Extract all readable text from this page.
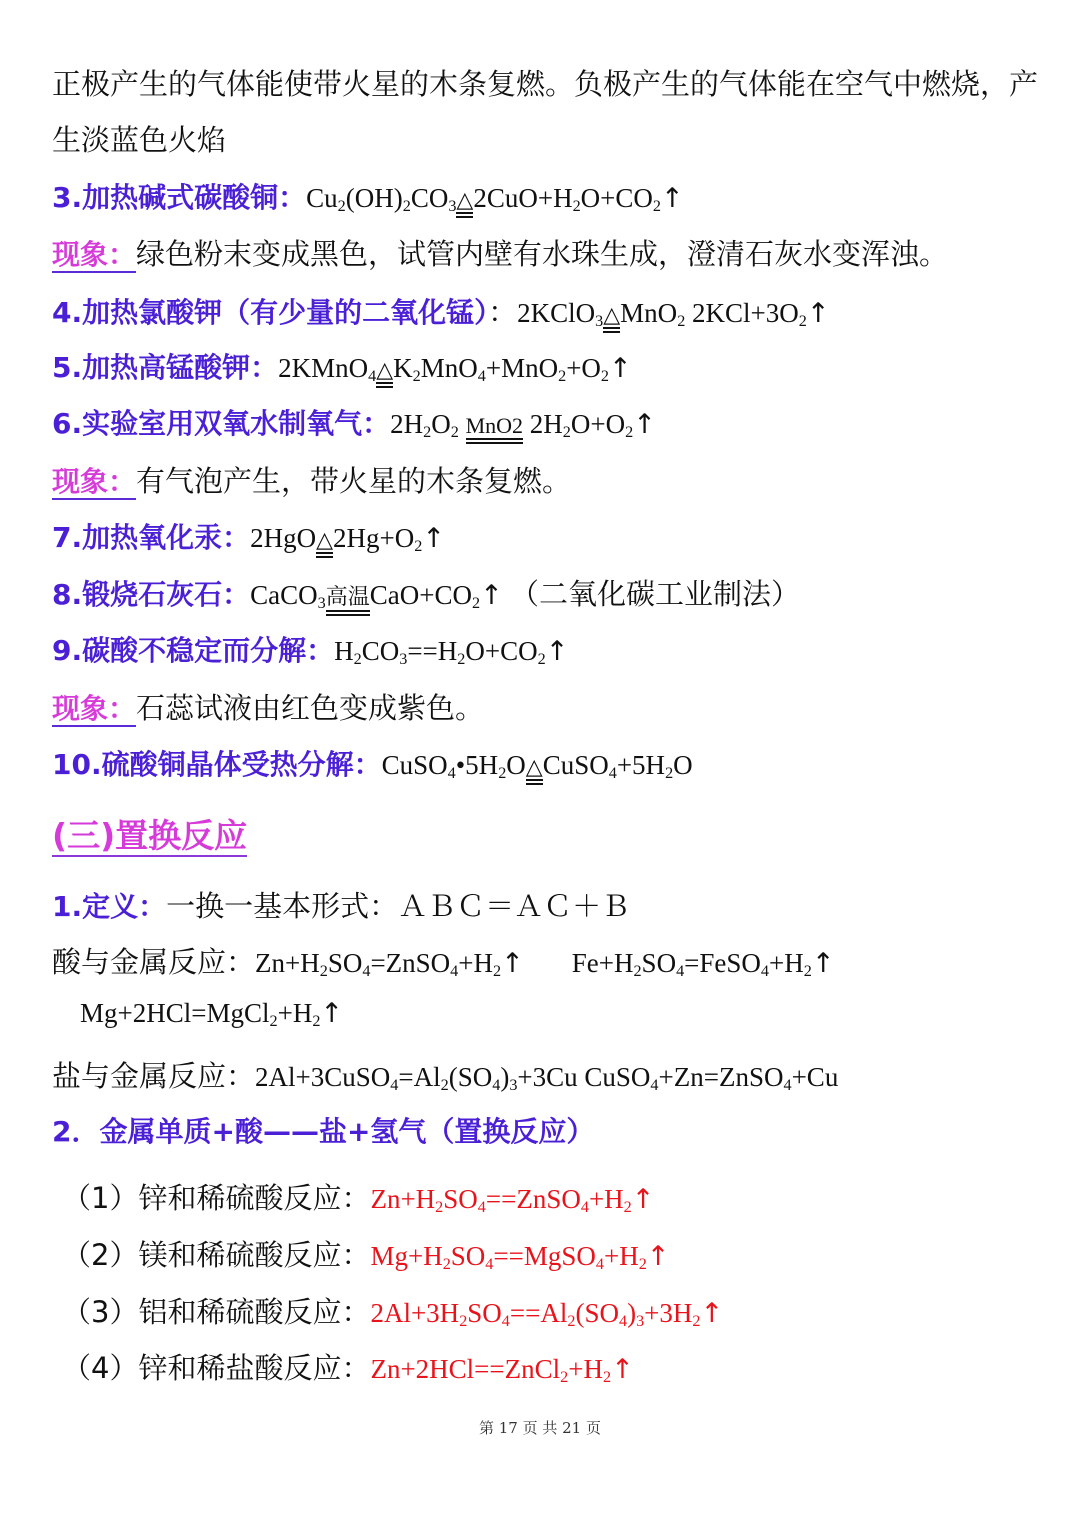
正极产生的气体能使带火星的木条复燃。负极产生的气体能在空气中燃烧，产
生淡蓝色火焰
3.加热碱式碳酸铜：$Cu_2(OH)_2CO_3$ △ $2CuO+H_2O+CO_2↑$
现象：绿色粉末变成黑色，试管内壁有水珠生成，澄清石灰水变浑浊。
4.加热氯酸钾（有少量的二氧化锰）：2KClO$_3$ △ MnO$_2$ $2KCl+3O_2↑$
5.加热高锰酸钾：2KMnO$_4$ △ $K_2MnO_4+MnO_2+O_2↑$
6.实验室用双氧水制氧气：$2H_2O_2$ MnO2 $2H_2O+O_2↑$
现象：有气泡产生，带火星的木条复燃。
7.加热氧化汞：2HgO △ $2Hg+O_2↑$
8.锻烧石灰石：CaCO$_3$ 高温 $CaO+CO_2↑$ （二氧化碳工业制法）
9.碳酸不稳定而分解：$H_2CO_3==H_2O+CO_2↑$
现象：石蕊试液由红色变成紫色。
10.硫酸铜晶体受热分解：$CuSO_4•5H_2O$ △ $CuSO_4+5H_2O$
(三)置换反应
1.定义：一换一基本形式：ＡＢＣ＝ＡＣ＋Ｂ
酸与金属反应：$Zn+H_2SO_4=ZnSO_4+H_2↑$ $Fe+H_2SO_4=FeSO_4+H_2↑$
$Mg+2HCl=MgCl_2+H_2↑$
盐与金属反应：$2Al+3CuSO_4=Al_2(SO_4)_3+3Cu$ CuSO$_4$+Zn=ZnSO$_4$+Cu
2．金属单质+酸——盐+氢气（置换反应）
（1）锌和稀硫酸反应：$Zn+H_2SO_4==ZnSO_4+H_2↑$
（2）镁和稀硫酸反应：$Mg+H_2SO_4==MgSO_4+H_2↑$
（3）铝和稀硫酸反应：$2Al+3H_2SO_4==Al_2(SO_4)_3+3H_2↑$
（4）锌和稀盐酸反应：$Zn+2HCl==ZnCl_2+H_2↑$
第 17 页 共 21 页
